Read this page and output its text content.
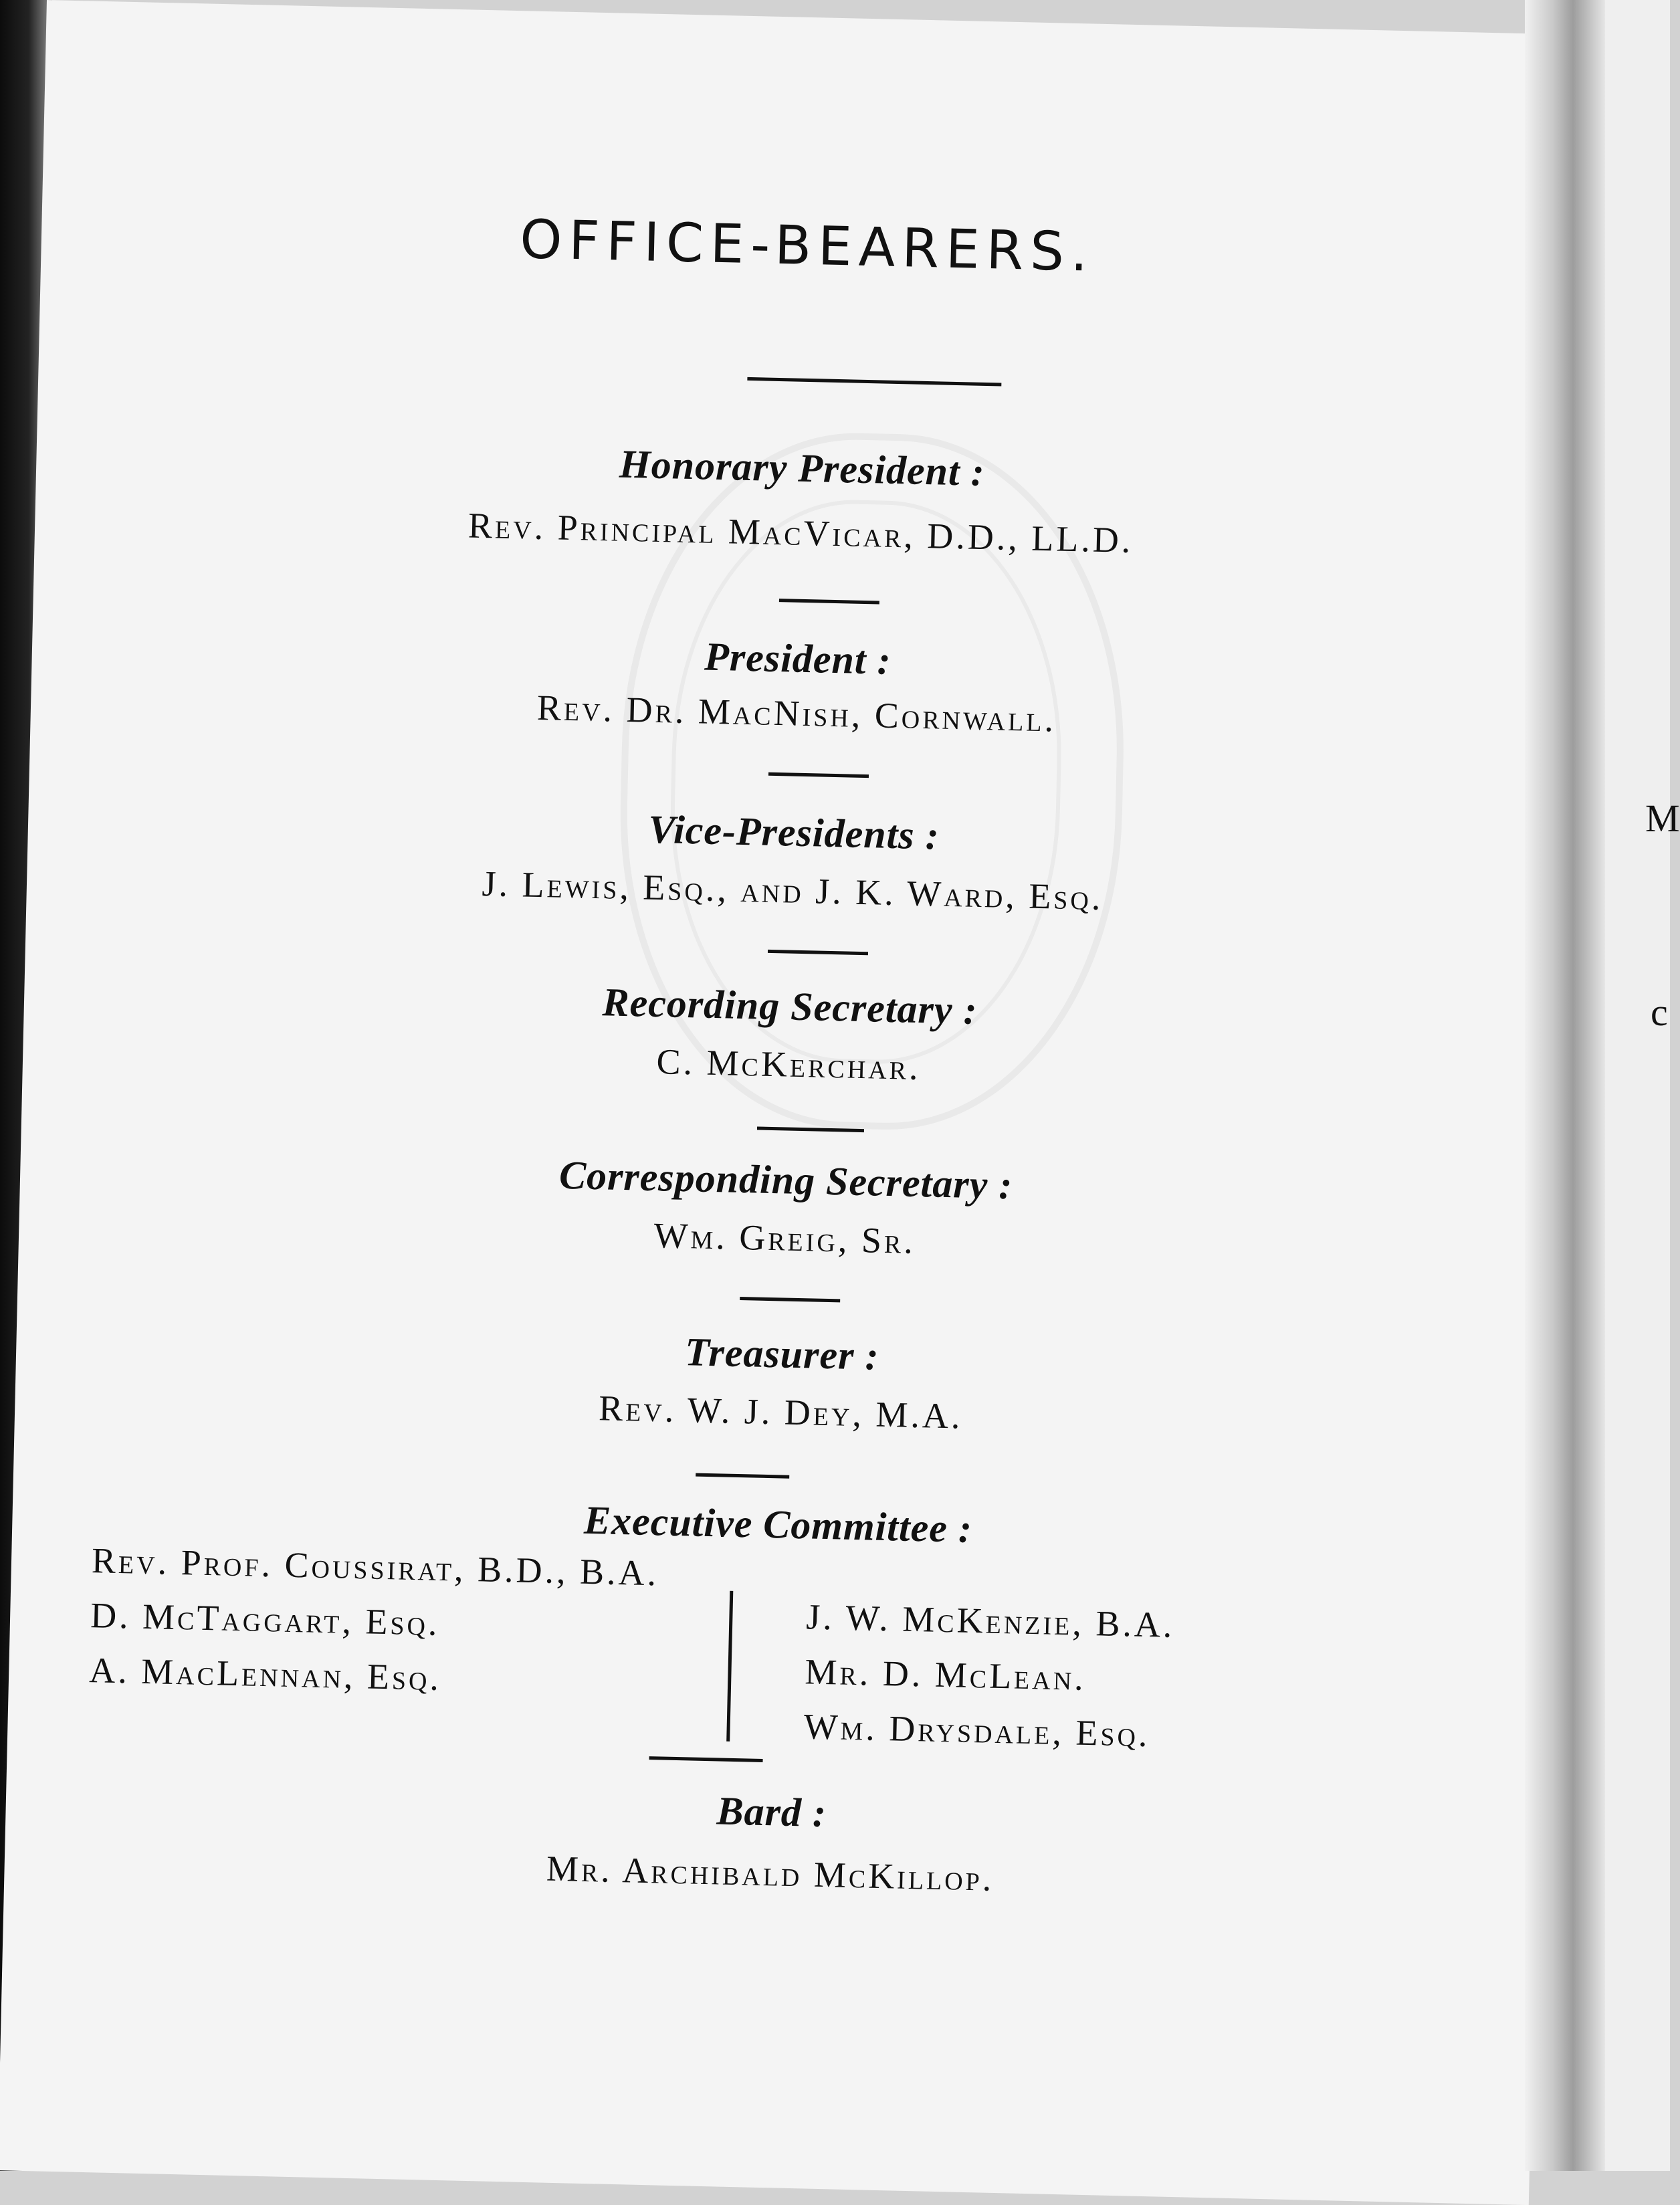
OFFICE-BEARERS.
Honorary President :
Rev. Principal MacVicar, D.D., LL.D.
President :
Rev. Dr. MacNish, Cornwall.
Vice-Presidents :
J. Lewis, Esq., and J. K. Ward, Esq.
Recording Secretary :
C. McKerchar.
Corresponding Secretary :
Wm. Greig, Sr.
Treasurer :
Rev. W. J. Dey, M.A.
Executive Committee :
Rev. Prof. Coussirat, B.D., B.A.
D. McTaggart, Esq.
A. MacLennan, Esq.
J. W. McKenzie, B.A.
Mr. D. McLean.
Wm. Drysdale, Esq.
Bard :
Mr. Archibald McKillop.
M
c
